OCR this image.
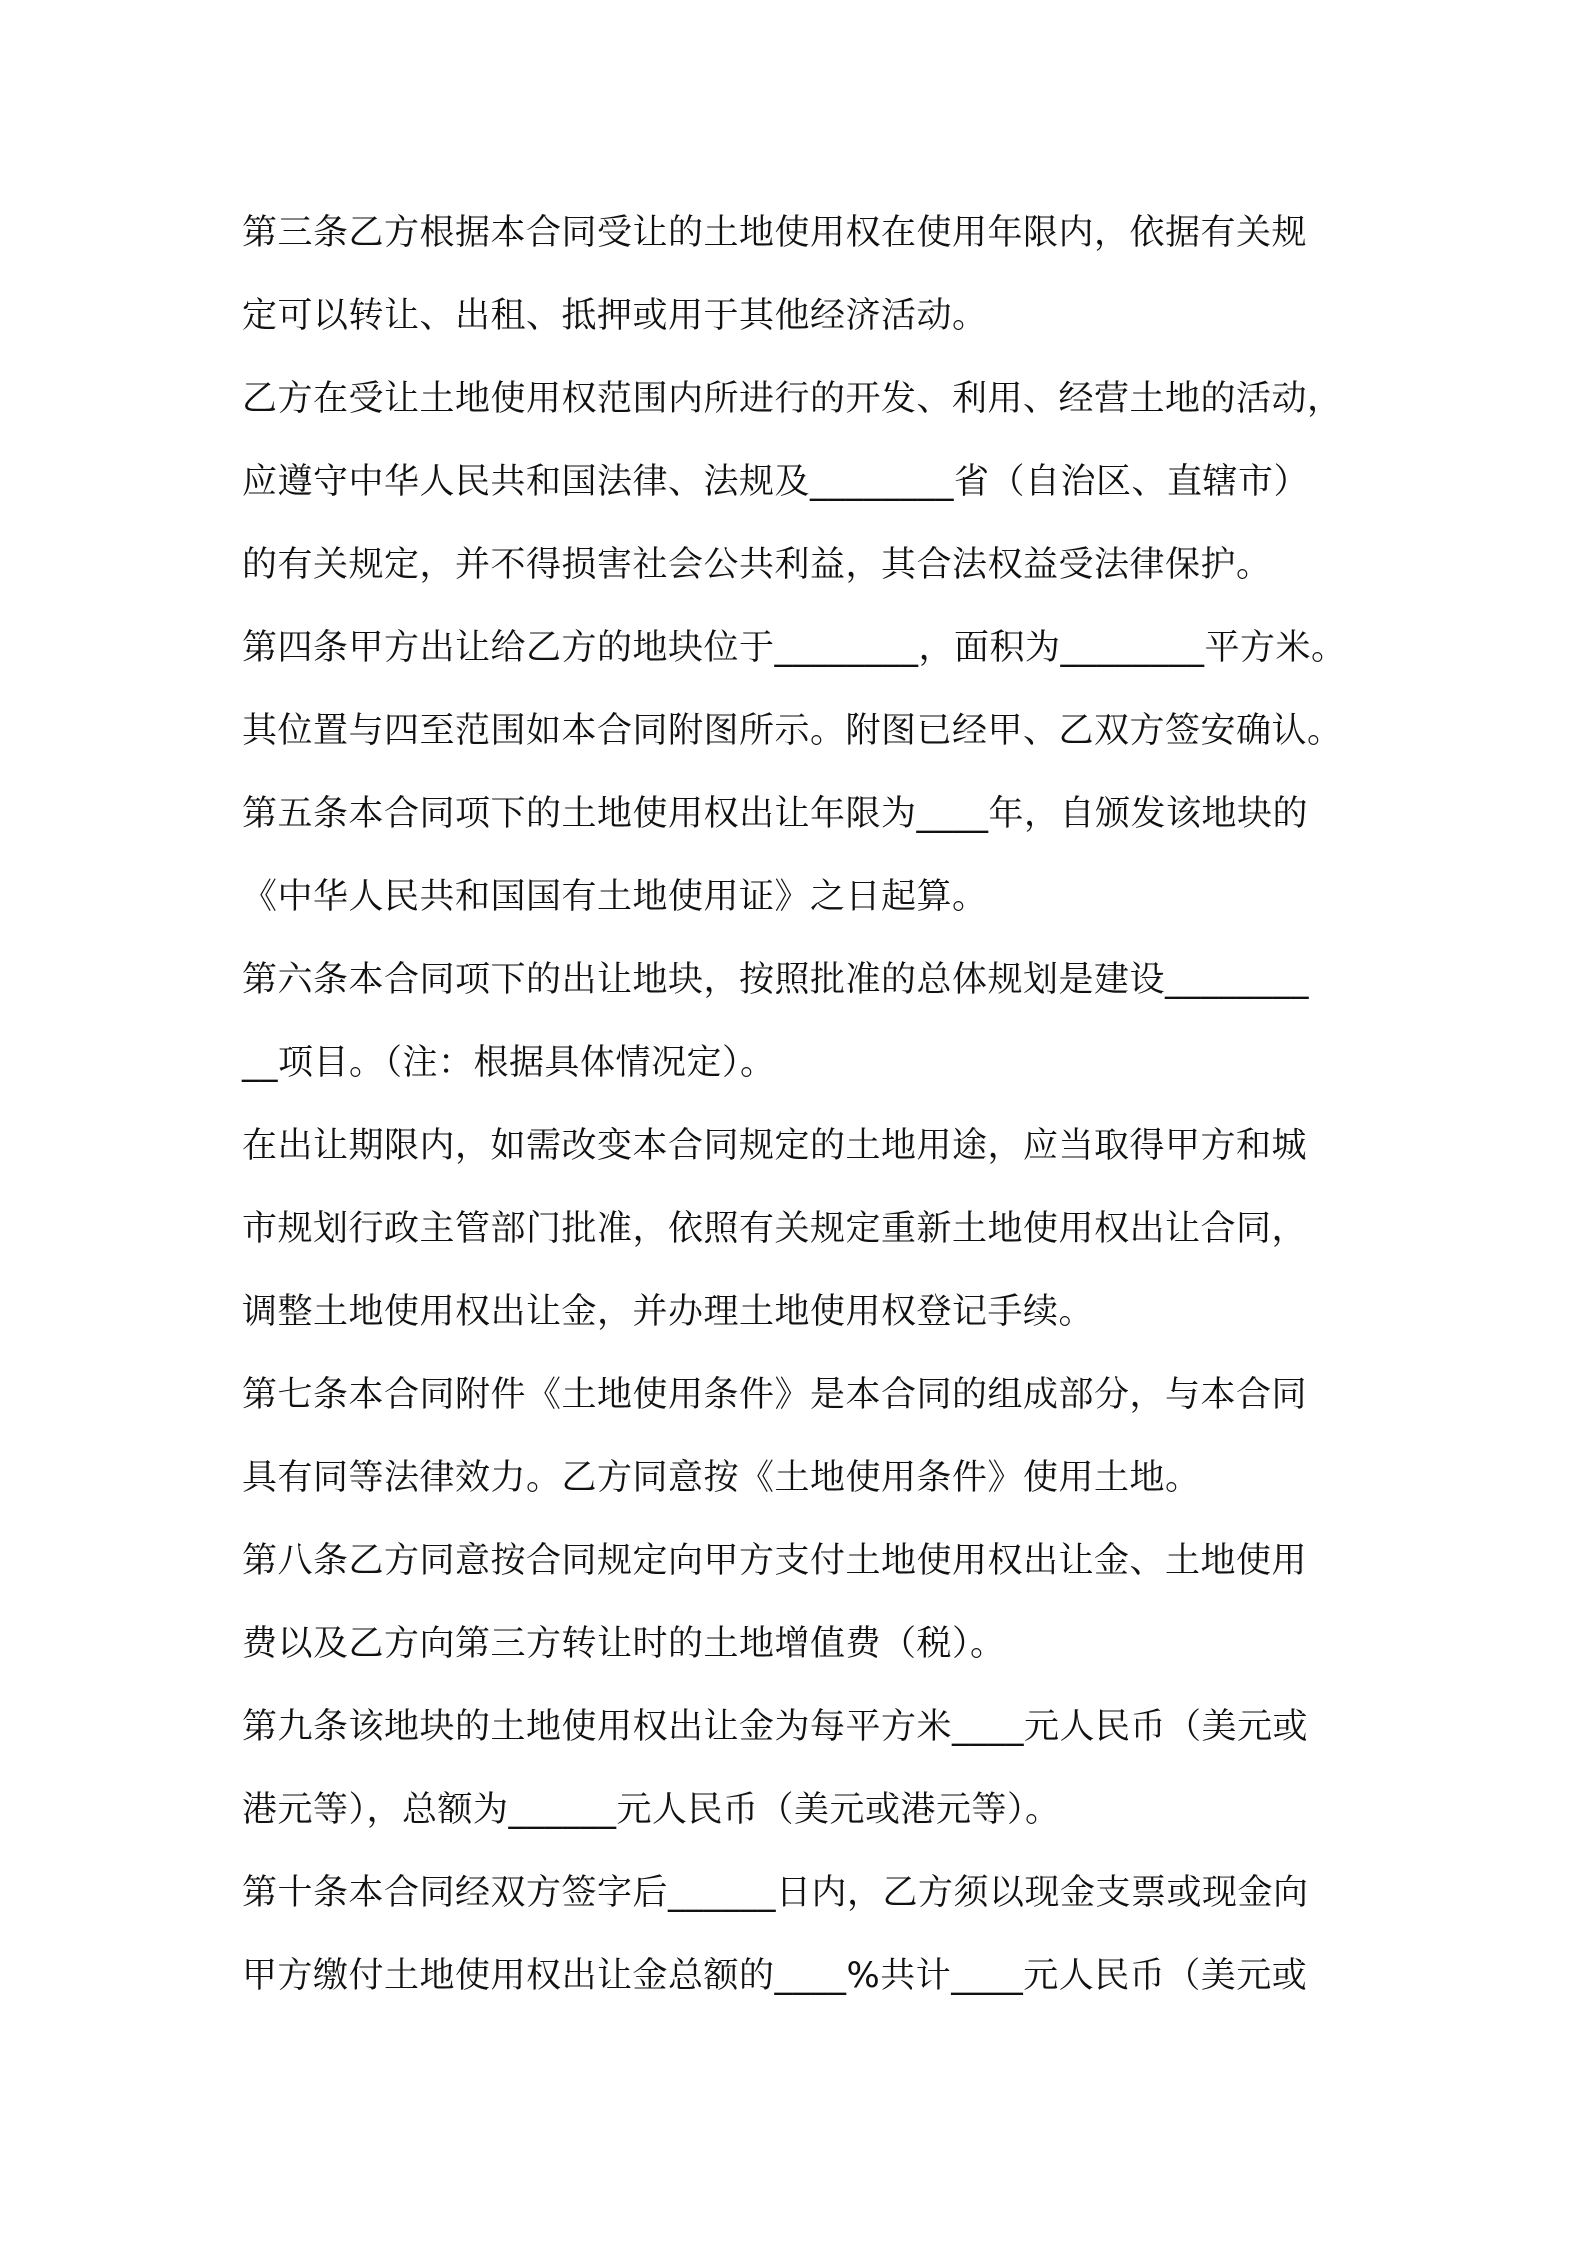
第三条乙方根据本合同受让的土地使用权在使用年限内，依据有关规
定可以转让、出租、抵押或用于其他经济活动。
乙方在受让土地使用权范围内所进行的开发、利用、经营土地的活动，
应遵守中华人民共和国法律、法规及________省（自治区、直辖市）
的有关规定，并不得损害社会公共利益，其合法权益受法律保护。
第四条甲方出让给乙方的地块位于________，面积为________平方米。
其位置与四至范围如本合同附图所示。附图已经甲、乙双方签安确认。
第五条本合同项下的土地使用权出让年限为____年，自颁发该地块的
《中华人民共和国国有土地使用证》之日起算。
第六条本合同项下的出让地块，按照批准的总体规划是建设________
__项目。（注：根据具体情况定）。
在出让期限内，如需改变本合同规定的土地用途，应当取得甲方和城
市规划行政主管部门批准，依照有关规定重新土地使用权出让合同，
调整土地使用权出让金，并办理土地使用权登记手续。
第七条本合同附件《土地使用条件》是本合同的组成部分，与本合同
具有同等法律效力。乙方同意按《土地使用条件》使用土地。
第八条乙方同意按合同规定向甲方支付土地使用权出让金、土地使用
费以及乙方向第三方转让时的土地增值费（税）。
第九条该地块的土地使用权出让金为每平方米____元人民币（美元或
港元等），总额为______元人民币（美元或港元等）。
第十条本合同经双方签字后______日内，乙方须以现金支票或现金向
甲方缴付土地使用权出让金总额的____%共计____元人民币（美元或
